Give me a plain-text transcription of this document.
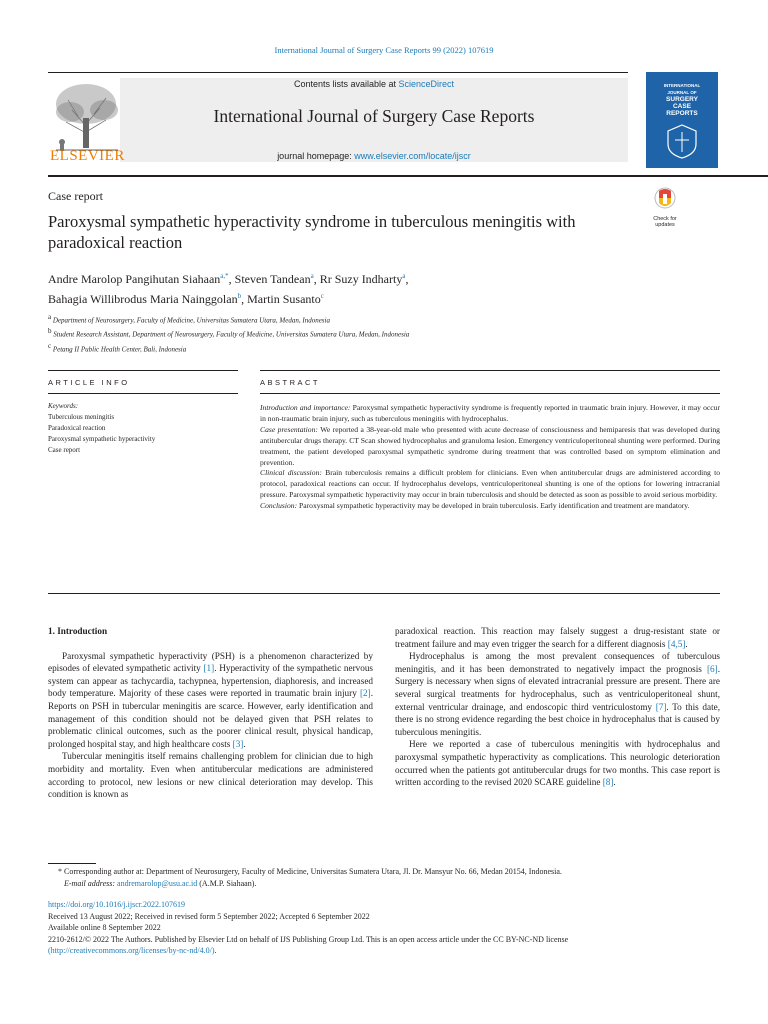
International Journal of Surgery Case Reports 99 (2022) 107619
ELSEVIER
Contents lists available at ScienceDirect
International Journal of Surgery Case Reports
journal homepage: www.elsevier.com/locate/ijscr
INTERNATIONAL
JOURNAL OF
SURGERY
CASE
REPORTS
Case report
Paroxysmal sympathetic hyperactivity syndrome in tuberculous meningitis with paradoxical reaction
Check for
updates
Andre Marolop Pangihutan Siahaan$^{a,*}$, Steven Tandean$^a$, Rr Suzy Indharty$^a$,
Bahagia Willibrodus Maria Nainggolan$^b$, Martin Susanto$^c$
$^a$ Department of Neurosurgery, Faculty of Medicine, Universitas Sumatera Utara, Medan, Indonesia
$^b$ Student Research Assistant, Department of Neurosurgery, Faculty of Medicine, Universitas Sumatera Utara, Medan, Indonesia
$^c$ Petang II Public Health Center, Bali, Indonesia
ARTICLE INFO	ABSTRACT
Keywords:
Tuberculous meningitis
Paradoxical reaction
Paroxysmal sympathetic hyperactivity
Case report

Introduction and importance: Paroxysmal sympathetic hyperactivity syndrome is frequently reported in traumatic brain injury. However, it may occur in non-traumatic brain injury, such as tuberculous meningitis with hydrocephalus.

Case presentation: We reported a 38-year-old male who presented with acute decrease of consciousness and hemiparesis that was developed during antitubercular drugs therapy. CT Scan showed hydrocephalus and granuloma lesion. Emergency ventriculoperitoneal shunting were performed. During treatment, the patient developed paroxysmal sympathetic syndrome during treatment that was controlled based on symptom elimination and prevention.

Clinical discussion: Brain tuberculosis remains a difficult problem for clinicians. Even when antitubercular drugs are administered according to protocol, paradoxical reactions can occur. If hydrocephalus develops, ventriculoperitoneal shunting is one of the options for lowering intracranial pressure. Paroxysmal sympathetic hyperactivity may occur in brain tuberculosis and should be detected as soon as possible to avoid serious morbidity.

Conclusion: Paroxysmal sympathetic hyperactivity may be developed in brain tuberculosis. Early identification and treatment are mandatory.

1. Introduction

Paroxysmal sympathetic hyperactivity (PSH) is a phenomenon characterized by episodes of elevated sympathetic activity [1]. Hyperactivity of the sympathetic nervous system can appear as tachycardia, tachypnea, hypertension, diaphoresis, and increased body temperature. Majority of these cases were reported in traumatic brain injury [2]. Reports on PSH in tubercular meningitis are scarce. However, early identification and management of this condition should not be delayed given that PSH relates to problematic clinical outcomes, such as the poorer clinical result, physical handicap, prolonged hospital stay, and high healthcare costs [3].

Tubercular meningitis itself remains challenging problem for clinician due to high morbidity and mortality. Even when antitubercular medications are administered according to protocol, new lesions or new clinical deterioration may develop. This condition is known as

paradoxical reaction. This reaction may falsely suggest a drug-resistant state or treatment failure and may even trigger the search for a different diagnosis [4,5].

Hydrocephalus is among the most prevalent consequences of tuberculous meningitis, and it has been demonstrated to negatively impact the prognosis [6]. Surgery is necessary when signs of elevated intracranial pressure are present. There are several surgical treatments for hydrocephalus, such as ventriculoperitoneal shunt, external ventricular drainage, and endoscopic third ventriculostomy [7]. To this date, there is no strong evidence regarding the best choice in hydrocephalus that is caused by tuberculous meningitis.

Here we reported a case of tuberculous meningitis with hydrocephalus and paroxysmal sympathetic hyperactivity as complications. This neurologic deterioration occurred when the patients got antitubercular drugs for two months. This case report is written according to the revised 2020 SCARE guideline [8].

* Corresponding author at: Department of Neurosurgery, Faculty of Medicine, Universitas Sumatera Utara, Jl. Dr. Mansyur No. 66, Medan 20154, Indonesia.
E-mail address: andremarolop@usu.ac.id (A.M.P. Siahaan).
https://doi.org/10.1016/j.ijscr.2022.107619
Received 13 August 2022; Received in revised form 5 September 2022; Accepted 6 September 2022
Available online 8 September 2022
2210-2612/© 2022 The Authors. Published by Elsevier Ltd on behalf of IJS Publishing Group Ltd. This is an open access article under the CC BY-NC-ND license
(http://creativecommons.org/licenses/by-nc-nd/4.0/).
